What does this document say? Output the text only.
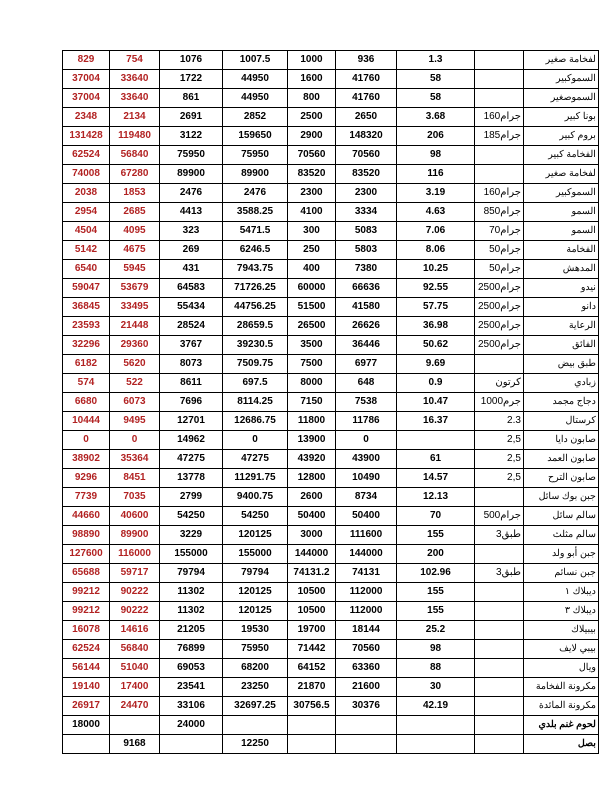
829	754	1076	1007.5	1000	936	1.3		لفخامة صغير
37004	33640	1722	44950	1600	41760	58		السموكبير
37004	33640	861	44950	800	41760	58		السموصغير
2348	2134	2691	2852	2500	2650	3.68	160جرام	بونا كبير
131428	119480	3122	159650	2900	148320	206	185جرام	بروم كبير
62524	56840	75950	75950	70560	70560	98		الفخامة كبير
74008	67280	89900	89900	83520	83520	116		لفخامة صغير
2038	1853	2476	2476	2300	2300	3.19	160جرام	السموكبير
2954	2685	4413	3588.25	4100	3334	4.63	850جرام	السمو
4504	4095	323	5471.5	300	5083	7.06	70جرام	السمو
5142	4675	269	6246.5	250	5803	8.06	50جرام	الفخامة
6540	5945	431	7943.75	400	7380	10.25	50جرام	المدهش
59047	53679	64583	71726.25	60000	66636	92.55	2500جرام	نيدو
36845	33495	55434	44756.25	51500	41580	57.75	2500جرام	دانو
23593	21448	28524	28659.5	26500	26626	36.98	2500جرام	الرعاية
32296	29360	3767	39230.5	3500	36446	50.62	2500جرام	الفائق
6182	5620	8073	7509.75	7500	6977	9.69		طبق بيض
574	522	8611	697.5	8000	648	0.9	كرتون	زبادي
6680	6073	7696	8114.25	7150	7538	10.47	1000جرم	دجاج مجمد
10444	9495	12701	12686.75	11800	11786	16.37	2.3	كرستال
0	0	14962	0	13900	0		2,5	صابون دايا
38902	35364	47275	47275	43920	43900	61	2,5	صابون العمد
9296	8451	13778	11291.75	12800	10490	14.57	2,5	صابون الترح
7739	7035	2799	9400.75	2600	8734	12.13		جبن بوك سائل
44660	40600	54250	54250	50400	50400	70	500جرام	سالم سائل
98890	89900	3229	120125	3000	111600	155	3طبق	سالم مثلث
127600	116000	155000	155000	144000	144000	200		جبن أبو ولد
65688	59717	79794	79794	74131.2	74131	102.96	3طبق	جبن نسائم
99212	90222	11302	120125	10500	112000	155		ديبلاك ١
99212	90222	11302	120125	10500	112000	155		ديبلاك ٣
16078	14616	21205	19530	19700	18144	25.2		بيبيلاك
62524	56840	76899	75950	71442	70560	98		بيبي لايف
56144	51040	69053	68200	64152	63360	88		ويال
19140	17400	23541	23250	21870	21600	30		مكرونة الفخامة
26917	24470	33106	32697.25	30756.5	30376	42.19		مكرونة المائدة
18000		24000						لحوم غنم بلدي
	9168		12250					بصل
